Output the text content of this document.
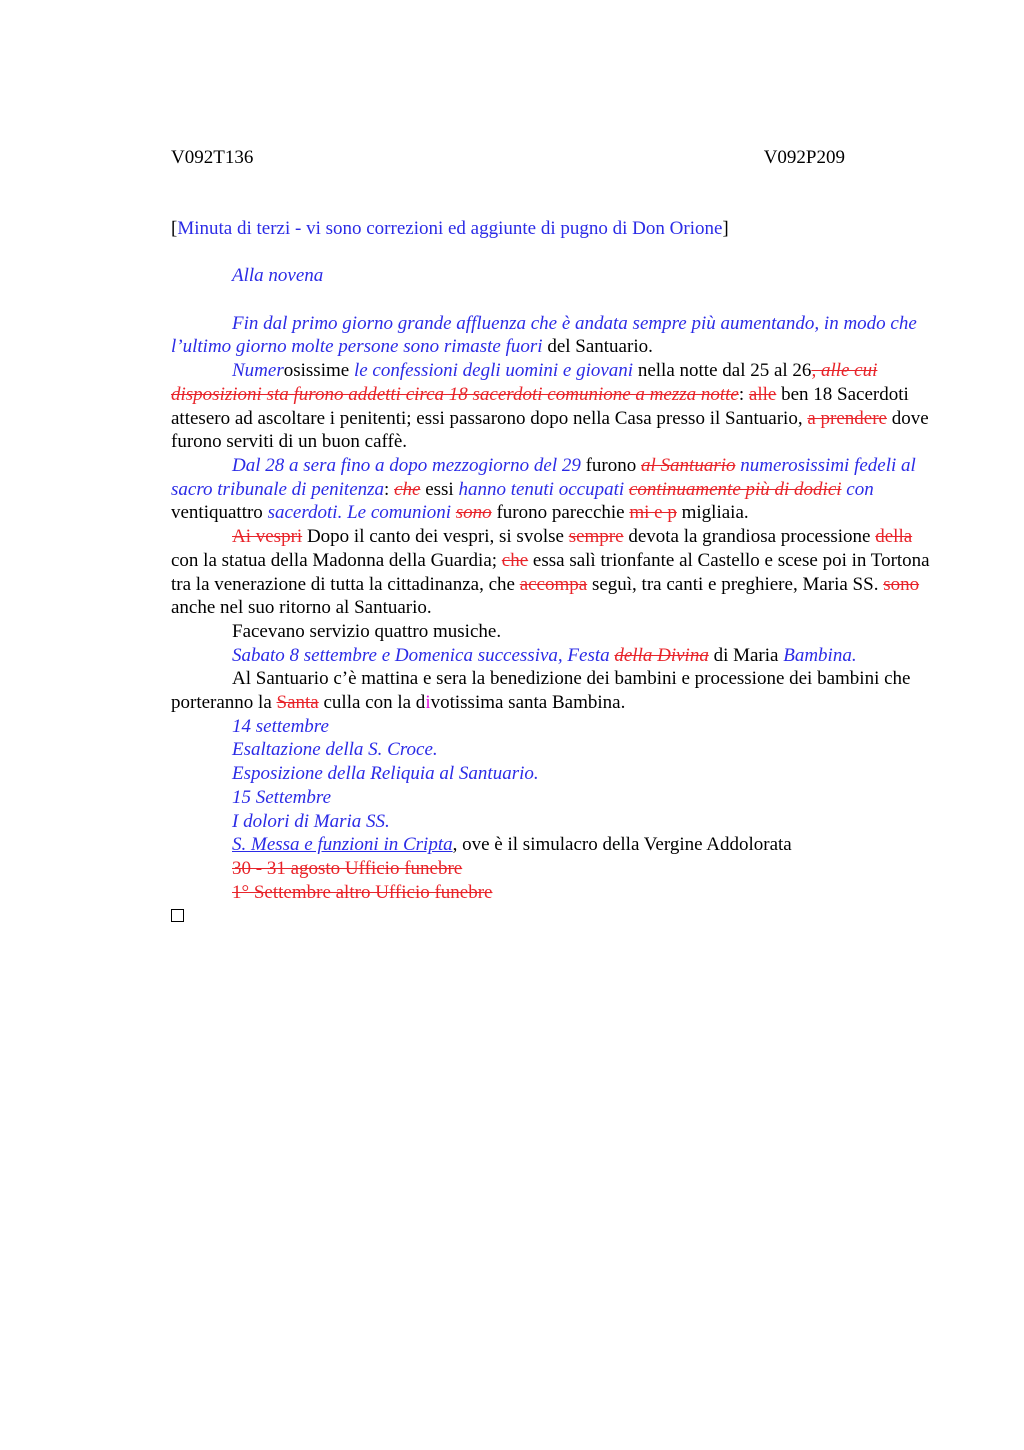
V092T136	V092P209

[Minuta di terzi - vi sono correzioni ed aggiunte di pugno di Don Orione]

Alla novena

Fin dal primo giorno grande affluenza che è andata sempre più aumentando, in modo che l’ultimo giorno molte persone sono rimaste fuori del Santuario.

Numerosissime le confessioni degli uomini e giovani nella notte dal 25 al 26, alle cui disposizioni sta furono addetti circa 18 sacerdoti comunione a mezza notte: alle ben 18 Sacerdoti attesero ad ascoltare i penitenti; essi passarono dopo nella Casa presso il Santuario, a prendere dove furono serviti di un buon caffè.

Dal 28 a sera fino a dopo mezzogiorno del 29 furono al Santuario numerosissimi fedeli al sacro tribunale di penitenza: che essi hanno tenuti occupati continuamente più di dodici con ventiquattro sacerdoti. Le comunioni sono furono parecchie mi e p migliaia.

Ai vespri Dopo il canto dei vespri, si svolse sempre devota la grandiosa processione della con la statua della Madonna della Guardia; che essa salì trionfante al Castello e scese poi in Tortona tra la venerazione di tutta la cittadinanza, che accompa seguì, tra canti e preghiere, Maria SS. sono anche nel suo ritorno al Santuario.

Facevano servizio quattro musiche.

Sabato 8 settembre e Domenica successiva, Festa della Divina di Maria Bambina.

Al Santuario c’è mattina e sera la benedizione dei bambini e processione dei bambini che porteranno la Santa culla con la divotissima santa Bambina.

14 settembre

Esaltazione della S. Croce.

Esposizione della Reliquia al Santuario.

15 Settembre

I dolori di Maria SS.

S. Messa e funzioni in Cripta, ove è il simulacro della Vergine Addolorata

30 - 31 agosto Ufficio funebre

1° Settembre altro Ufficio funebre
